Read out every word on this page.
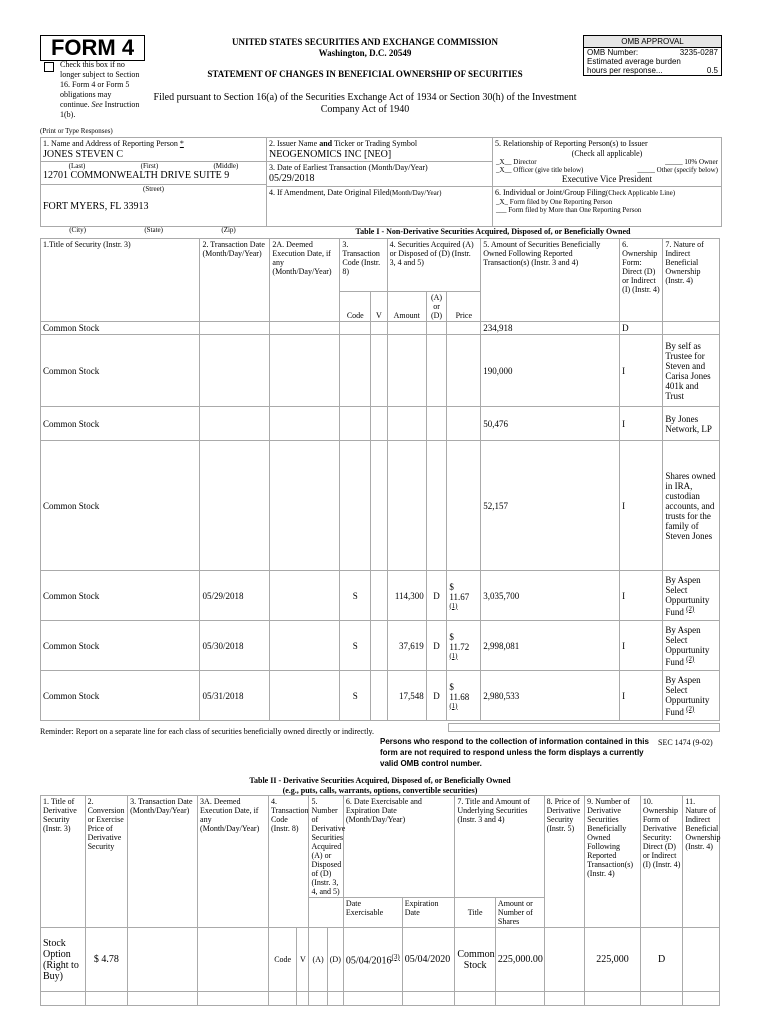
FORM 4
Check this box if no longer subject to Section 16. Form 4 or Form 5 obligations may continue. See Instruction 1(b).
UNITED STATES SECURITIES AND EXCHANGE COMMISSION
Washington, D.C. 20549
STATEMENT OF CHANGES IN BENEFICIAL OWNERSHIP OF SECURITIES
Filed pursuant to Section 16(a) of the Securities Exchange Act of 1934 or Section 30(h) of the Investment Company Act of 1940
OMB APPROVAL
OMB Number:	3235-0287
Estimated average burden
hours per response...	0.5
(Print or Type Responses)
1. Name and Address of Reporting Person *
JONES STEVEN C
(Last)	(First)	(Middle)
12701 COMMONWEALTH DRIVE SUITE 9
(Street)
FORT MYERS, FL 33913
(City)	(State)	(Zip)
2. Issuer Name and Ticker or Trading Symbol
NEOGENOMICS INC [NEO]
3. Date of Earliest Transaction (Month/Day/Year)
05/29/2018
4. If Amendment, Date Original Filed(Month/Day/Year)
5. Relationship of Reporting Person(s) to Issuer
(Check all applicable)
_X__ Director	_____ 10% Owner
_X__ Officer (give title below)	_____ Other (specify below)
Executive Vice President
6. Individual or Joint/Group Filing(Check Applicable Line)
_X_ Form filed by One Reporting Person
___ Form filed by More than One Reporting Person
Table I - Non-Derivative Securities Acquired, Disposed of, or Beneficially Owned
1.Title of Security (Instr. 3)	2. Transaction Date (Month/Day/Year)	2A. Deemed Execution Date, if any (Month/Day/Year)	3. Transaction Code (Instr. 8)		4. Securities Acquired (A) or Disposed of (D) (Instr. 3, 4 and 5)			5. Amount of Securities Beneficially Owned Following Reported Transaction(s) (Instr. 3 and 4)	6. Ownership Form: Direct (D) or Indirect (I) (Instr. 4)	7. Nature of Indirect Beneficial Ownership (Instr. 4)
			Code	V	Amount	(A) or (D)	Price			
Common Stock								234,918	D	
Common Stock								190,000	I	By self as Trustee for Steven and Carisa Jones 401k and Trust
Common Stock								50,476	I	By Jones Network, LP
Common Stock								52,157	I	Shares owned in IRA, custodian accounts, and trusts for the family of Steven Jones
Common Stock	05/29/2018		S		114,300	D	$
11.67
(1)	3,035,700	I	By Aspen Select Oppurtunity Fund $^{(2)}$
Common Stock	05/30/2018		S		37,619	D	$
11.72
(1)	2,998,081	I	By Aspen Select Oppurtunity Fund $^{(2)}$
Common Stock	05/31/2018		S		17,548	D	$
11.68
(1)	2,980,533	I	By Aspen Select Oppurtunity Fund $^{(2)}$
Reminder: Report on a separate line for each class of securities beneficially owned directly or indirectly.
Persons who respond to the collection of information contained in this form are not required to respond unless the form displays a currently valid OMB control number.
SEC 1474 (9-02)
Table II - Derivative Securities Acquired, Disposed of, or Beneficially Owned
(e.g., puts, calls, warrants, options, convertible securities)
1. Title of Derivative Security (Instr. 3)	2. Conversion or Exercise Price of Derivative Security	3. Transaction Date (Month/Day/Year)	3A. Deemed Execution Date, if any (Month/Day/Year)	4. Transaction Code (Instr. 8)		5. Number of Derivative Securities Acquired (A) or Disposed of (D) (Instr. 3, 4, and 5)		6. Date Exercisable and Expiration Date (Month/Day/Year)		7. Title and Amount of Underlying Securities (Instr. 3 and 4)		8. Price of Derivative Security (Instr. 5)	9. Number of Derivative Securities Beneficially Owned Following Reported Transaction(s) (Instr. 4)	10. Ownership Form of Derivative Security: Direct (D) or Indirect (I) (Instr. 4)	11. Nature of Indirect Beneficial Ownership (Instr. 4)
								Date Exercisable	Expiration Date	Title	Amount or Number of Shares				
Stock Option (Right to Buy)	$ 4.78			Code	V	(A)	(D)	05/04/2016$^{(3)}$	05/04/2020	Common Stock	225,000.00		225,000	D	
